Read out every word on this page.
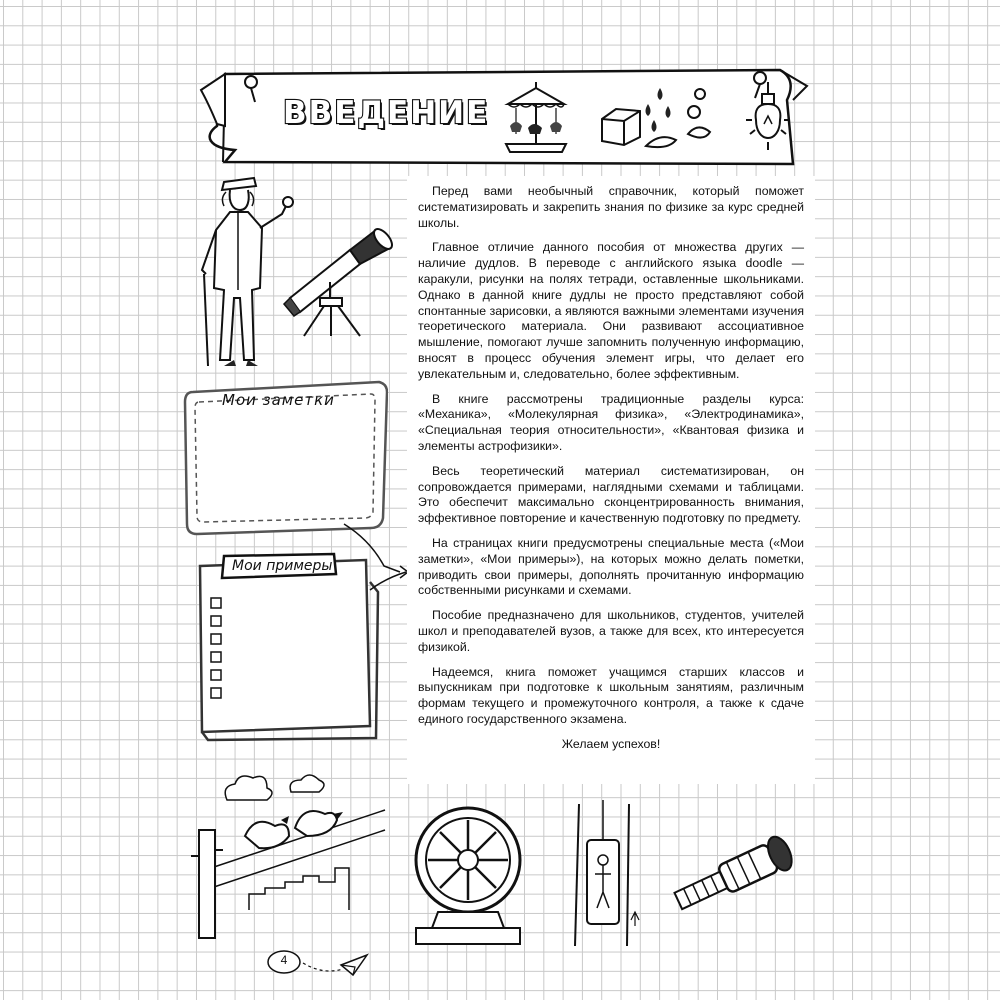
ВВЕДЕНИЕ
Мои заметки
Мои примеры

Перед вами необычный справочник, который поможет систематизировать и закрепить знания по физике за курс средней школы.

Главное отличие данного пособия от множества других — наличие дудлов. В переводе с английского языка doodle — каракули, рисунки на полях тетради, оставленные школьниками. Однако в данной книге дудлы не просто представляют собой спонтанные зарисовки, а являются важными элементами изучения теоретического материала. Они развивают ассоциативное мышление, помогают лучше запомнить полученную информацию, вносят в процесс обучения элемент игры, что делает его увлекательным и, следовательно, более эффективным.

В книге рассмотрены традиционные разделы курса: «Механика», «Молекулярная физика», «Электродинамика», «Специальная теория относительности», «Квантовая физика и элементы астрофизики».

Весь теоретический материал систематизирован, он сопровождается примерами, наглядными схемами и таблицами. Это обеспечит максимально сконцентрированность внимания, эффективное повторение и качественную подготовку по предмету.

На страницах книги предусмотрены специальные места («Мои заметки», «Мои примеры»), на которых можно делать пометки, приводить свои примеры, дополнять прочитанную информацию собственными рисунками и схемами.

Пособие предназначено для школьников, студентов, учителей школ и преподавателей вузов, а также для всех, кто интересуется физикой.

Надеемся, книга поможет учащимся старших классов и выпускникам при подготовке к школьным занятиям, различным формам текущего и промежуточного контроля, а также к сдаче единого государственного экзамена.

Желаем успехов!

4
